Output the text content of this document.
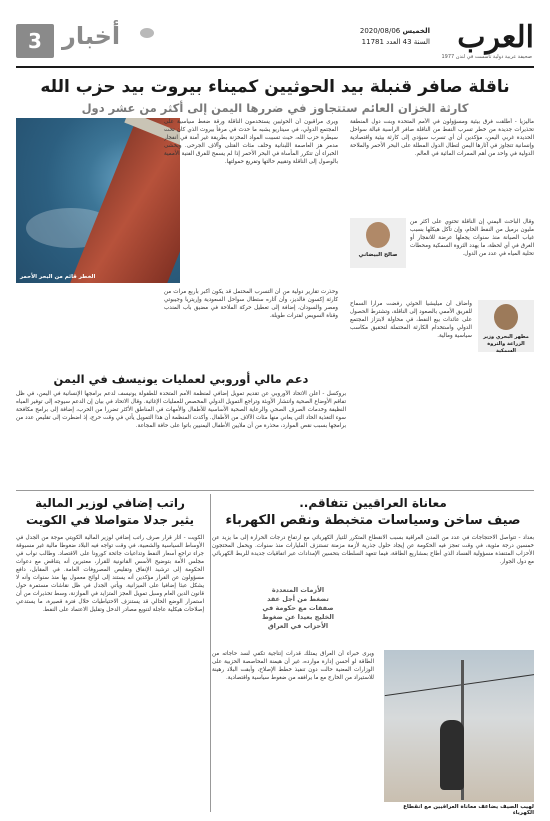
العرب
صحيفة عربية دولية تأسست في لندن 1977
الخميس 2020/08/06
السنة 43 العدد 11781
أخبار
3
ناقلة صافر قنبلة بيد الحوثيين كميناء بيروت بيد حزب الله
كارثة الخزان العائم ستتجاوز في ضررها اليمن إلى أكثر من عشر دول
الخطر قائم من البحر الأحمر
ويرى مراقبون أن الحوثيين يستخدمون الناقلة ورقة ضغط سياسية على المجتمع الدولي، في سيناريو يشبه ما حدث في مرفأ بيروت الذي كان تحت سيطرة حزب الله، حيث تسببت المواد المخزنة بطريقة غير آمنة في انفجار مدمر هز العاصمة اللبنانية وخلف مئات القتلى وآلاف الجرحى. ويخشى الخبراء أن تتكرر المأساة في البحر الأحمر إذا لم يسمح للفرق الفنية الأممية بالوصول إلى الناقلة وتقييم حالتها وتفريغ حمولتها.
ماليزيا - أطلقت فرق بيئية ومسؤولون في الأمم المتحدة وبنت دول المنطقة تحذيرات جديدة من خطر تسرب النفط من الناقلة صافر الراسية قبالة سواحل الحديدة غربي اليمن، مؤكدين أن أي تسرب سيؤدي إلى كارثة بيئية واقتصادية وإنسانية تتجاوز في آثارها اليمن لتطال الدول المطلة على البحر الأحمر والملاحة الدولية في واحد من أهم الممرات المائية في العالم.
صالح البيضاني
وقال الباحث اليمني إن الناقلة تحتوي على أكثر من مليون برميل من النفط الخام، وإن تآكل هيكلها بسبب غياب الصيانة منذ سنوات يجعلها عرضة للانفجار أو الغرق في أي لحظة، ما يهدد الثروة السمكية ومحطات تحلية المياه في عدد من الدول.
مطهر البحري وزير الزراعة والثروة السمكية
وأضاف أن ميليشيا الحوثي رفضت مرارا السماح للفريق الأممي بالصعود إلى الناقلة، وتشترط الحصول على عائدات بيع النفط، في محاولة لابتزاز المجتمع الدولي واستخدام الكارثة المحتملة لتحقيق مكاسب سياسية ومالية.
وحذرت تقارير دولية من أن التسرب المحتمل قد يكون أكبر بأربع مرات من كارثة إكسون فالديز، وأن آثاره ستطال سواحل السعودية وإريتريا وجيبوتي ومصر والسودان، إضافة إلى تعطيل حركة الملاحة في مضيق باب المندب وقناة السويس لفترات طويلة.
دعم مالي أوروبي لعمليات يونيسف في اليمن
بروكسل - أعلن الاتحاد الأوروبي عن تقديم تمويل إضافي لمنظمة الأمم المتحدة للطفولة يونيسف لدعم برامجها الإنسانية في اليمن، في ظل تفاقم الأوضاع الصحية وانتشار الأوبئة وتراجع التمويل الدولي المخصص للعمليات الإغاثية. وقال الاتحاد في بيان إن الدعم سيوجه إلى توفير المياه النظيفة وخدمات الصرف الصحي والرعاية الصحية الأساسية للأطفال والأمهات في المناطق الأكثر تضررا من الحرب، إضافة إلى برامج مكافحة سوء التغذية الحاد التي يعاني منها مئات الآلاف من الأطفال. وأكدت المنظمة أن هذا التمويل يأتي في وقت حرج، إذ اضطرت إلى تقليص عدد من برامجها بسبب نقص الموارد، محذرة من أن ملايين الأطفال اليمنيين باتوا على حافة المجاعة.
معاناة العراقيين تتفاقم..
صيف ساخن وسياسات متخبطة ونقص الكهرباء
بغداد - تتواصل الاحتجاجات في عدد من المدن العراقية بسبب الانقطاع المتكرر للتيار الكهربائي مع ارتفاع درجات الحرارة إلى ما يزيد عن خمسين درجة مئوية، في وقت تعجز فيه الحكومة عن إيجاد حلول جذرية لأزمة مزمنة تستنزف المليارات منذ سنوات. ويحمل المحتجون الأحزاب المتنفذة مسؤولية الفساد الذي أطاح بمشاريع الطاقة، فيما تتعهد السلطات بتحسين الإمدادات عبر اتفاقيات جديدة للربط الكهربائي مع دول الجوار.
الأزمات المتعددة تضغط من أجل عقد صفقات مع حكومة في الخليج بعيدا عن ضغوط الأحزاب في العراق
لهيب الصيف يضاعف معاناة العراقيين مع انقطاع الكهرباء
ويرى خبراء أن العراق يمتلك قدرات إنتاجية تكفي لسد حاجاته من الطاقة لو أحسن إدارة موارده، غير أن هيمنة المحاصصة الحزبية على الوزارات المعنية حالت دون تنفيذ خطط الإصلاح، وأبقت البلاد رهينة للاستيراد من الخارج مع ما يرافقه من ضغوط سياسية واقتصادية.
راتب إضافي لوزير المالية
يثير جدلا متواصلا في الكويت
الكويت - أثار قرار صرف راتب إضافي لوزير المالية الكويتي موجة من الجدل في الأوساط السياسية والشعبية، في وقت تواجه فيه البلاد ضغوطا مالية غير مسبوقة جراء تراجع أسعار النفط وتداعيات جائحة كورونا على الاقتصاد. وطالب نواب في مجلس الأمة بتوضيح الأسس القانونية للقرار، معتبرين أنه يتناقض مع دعوات الحكومة إلى ترشيد الإنفاق وتقليص المصروفات العامة. في المقابل، دافع مسؤولون عن القرار مؤكدين أنه يستند إلى لوائح معمول بها منذ سنوات وأنه لا يشكل عبئا إضافيا على الميزانية. ويأتي الجدل في ظل نقاشات مستمرة حول قانون الدين العام وسبل تمويل العجز المتزايد في الموازنة، وسط تحذيرات من أن استمرار الوضع الحالي قد يستنزف الاحتياطيات خلال فترة قصيرة، ما يستدعي إصلاحات هيكلية عاجلة لتنويع مصادر الدخل وتقليل الاعتماد على النفط.
